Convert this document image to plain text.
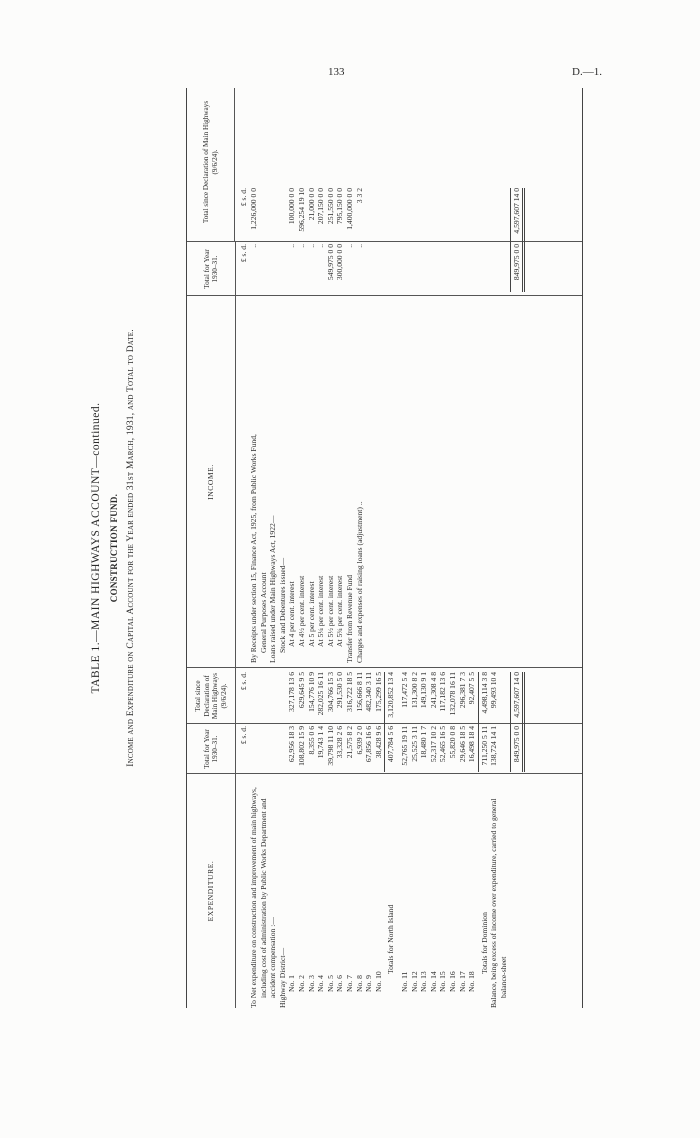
133	D.—1.
TABLE 1.—MAIN HIGHWAYS ACCOUNT—continued. CONSTRUCTION FUND. Income and Expenditure on Capital Account for the Year ended 31st March, 1931, and Total to Date.
EXPENDITURE.
Total for Year 1930–31.
Total since Declaration of Main Highways (9/6/24).
INCOME.
Total for Year 1930–31.
Total since Declaration of Main Highways (9/6/24).
£ s. d.
£ s. d.
£ s. d.
£ s. d.
To Net expenditure on construction and improvement of main highways, including cost of administration by Public Works Department and accident compensation :— Highway District— No. 1
62,956 18 3
327,178 13 6
No. 2
108,802 15 9
629,645 9 5
No. 3
8,355 0 6
154,776 10 9
No. 4
19,743 1 4
282,025 16 11
No. 5
39,798 11 10
304,766 15 3
No. 6
33,328 2 6
291,530 5 0
No. 7
21,575 8 2
316,722 18 5
No. 8
6,939 2 0
156,666 8 11
No. 9
67,856 16 6
482,340 3 11
No. 10
38,428 9 6
175,299 16 5
Totals for North Island
407,784 5 6
3,120,852 13 4
No. 11
52,765 19 11
117,472 5 4
No. 12
25,525 3 11
131,300 8 2
No. 13
18,480 1 7
149,130 9 1
No. 14
52,317 10 2
241,308 4 8
No. 15
52,465 16 5
117,182 13 6
No. 16
55,820 0 8
132,078 16 11
No. 17
29,646 18 5
296,381 7 3
No. 18
16,498 18 4
92,407 5 5
Totals for Dominion
711,250 5 11
4,498,114 3 8
Balance, being excess of income over expenditure, carried to general
138,724 14 1
99,493 10 4
balance-sheet
849,975 0 0
4,597,607 14 0
By Receipts under section 15, Finance Act, 1925, from Public Works Fund,
..
1,226,000 0 0
General Purposes Account Loans raised under Main Highways Act, 1922— Stock and Debentures issued— At 4 per cent. interest
..
100,000 0 0
At 4½ per cent. interest
..
596,254 19 10
At 5 per cent. interest
..
21,000 0 0
At 5¼ per cent. interest
..
207,150 0 0
At 5½ per cent. interest
549,975 0 0
251,550 0 0
At 5¾ per cent. interest
300,000 0 0
795,150 0 0
Transfer from Revenue Fund
..
1,400,000 0 0
Charges and expenses of raising loans (adjustment) ..
..
3 3 2
849,975 0 0
4,597,607 14 0
